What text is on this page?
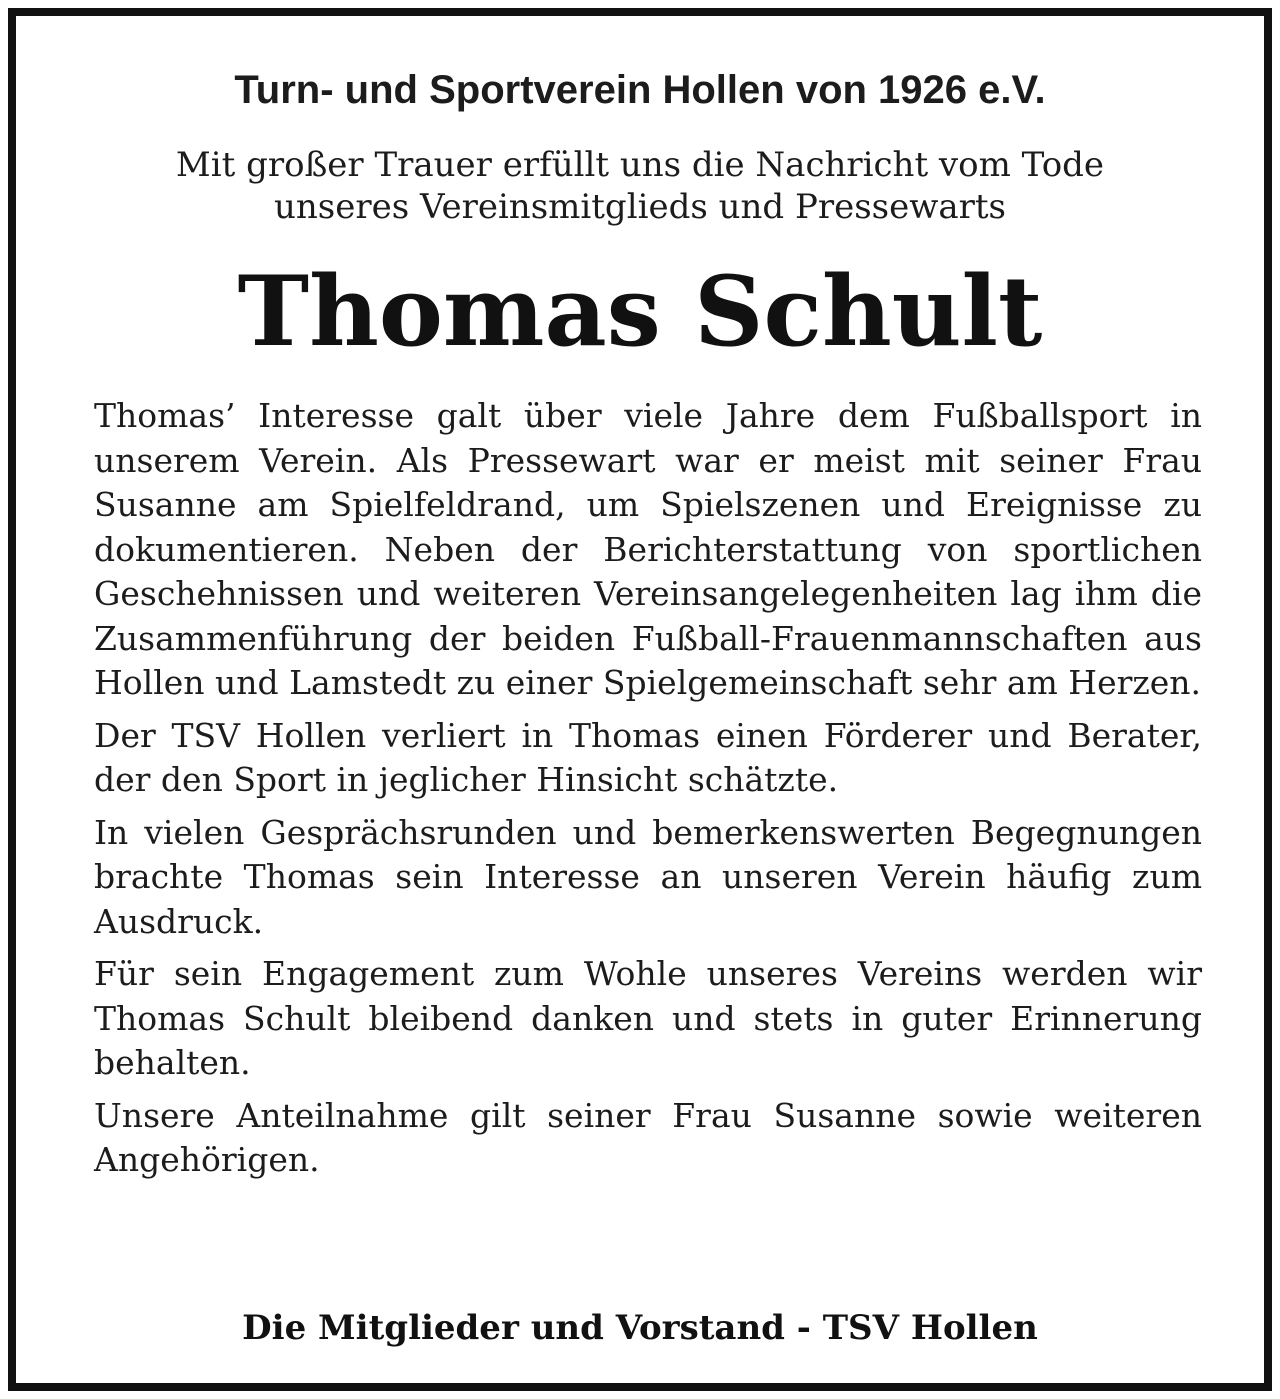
Turn- und Sportverein Hollen von 1926 e.V.
Mit großer Trauer erfüllt uns die Nachricht vom Tode
unseres Vereinsmitglieds und Pressewarts
Thomas Schult

Thomas’ Interesse galt über viele Jahre dem Fußballsport in unserem Verein. Als Pressewart war er meist mit seiner Frau Susanne am Spielfeldrand, um Spielszenen und Ereignisse zu dokumentieren. Neben der Berichterstattung von sportlichen Geschehnissen und weiteren Vereinsangelegenheiten lag ihm die Zusammenführung der beiden Fußball-Frauenmannschaften aus Hollen und Lamstedt zu einer Spielgemeinschaft sehr am Herzen.

Der TSV Hollen verliert in Thomas einen Förderer und Berater, der den Sport in jeglicher Hinsicht schätzte.

In vielen Gesprächsrunden und bemerkenswerten Begegnungen brachte Thomas sein Interesse an unseren Verein häufig zum Ausdruck.

Für sein Engagement zum Wohle unseres Vereins werden wir Thomas Schult bleibend danken und stets in guter Erinnerung behalten.

Unsere Anteilnahme gilt seiner Frau Susanne sowie weiteren Angehörigen.

Die Mitglieder und Vorstand - TSV Hollen
